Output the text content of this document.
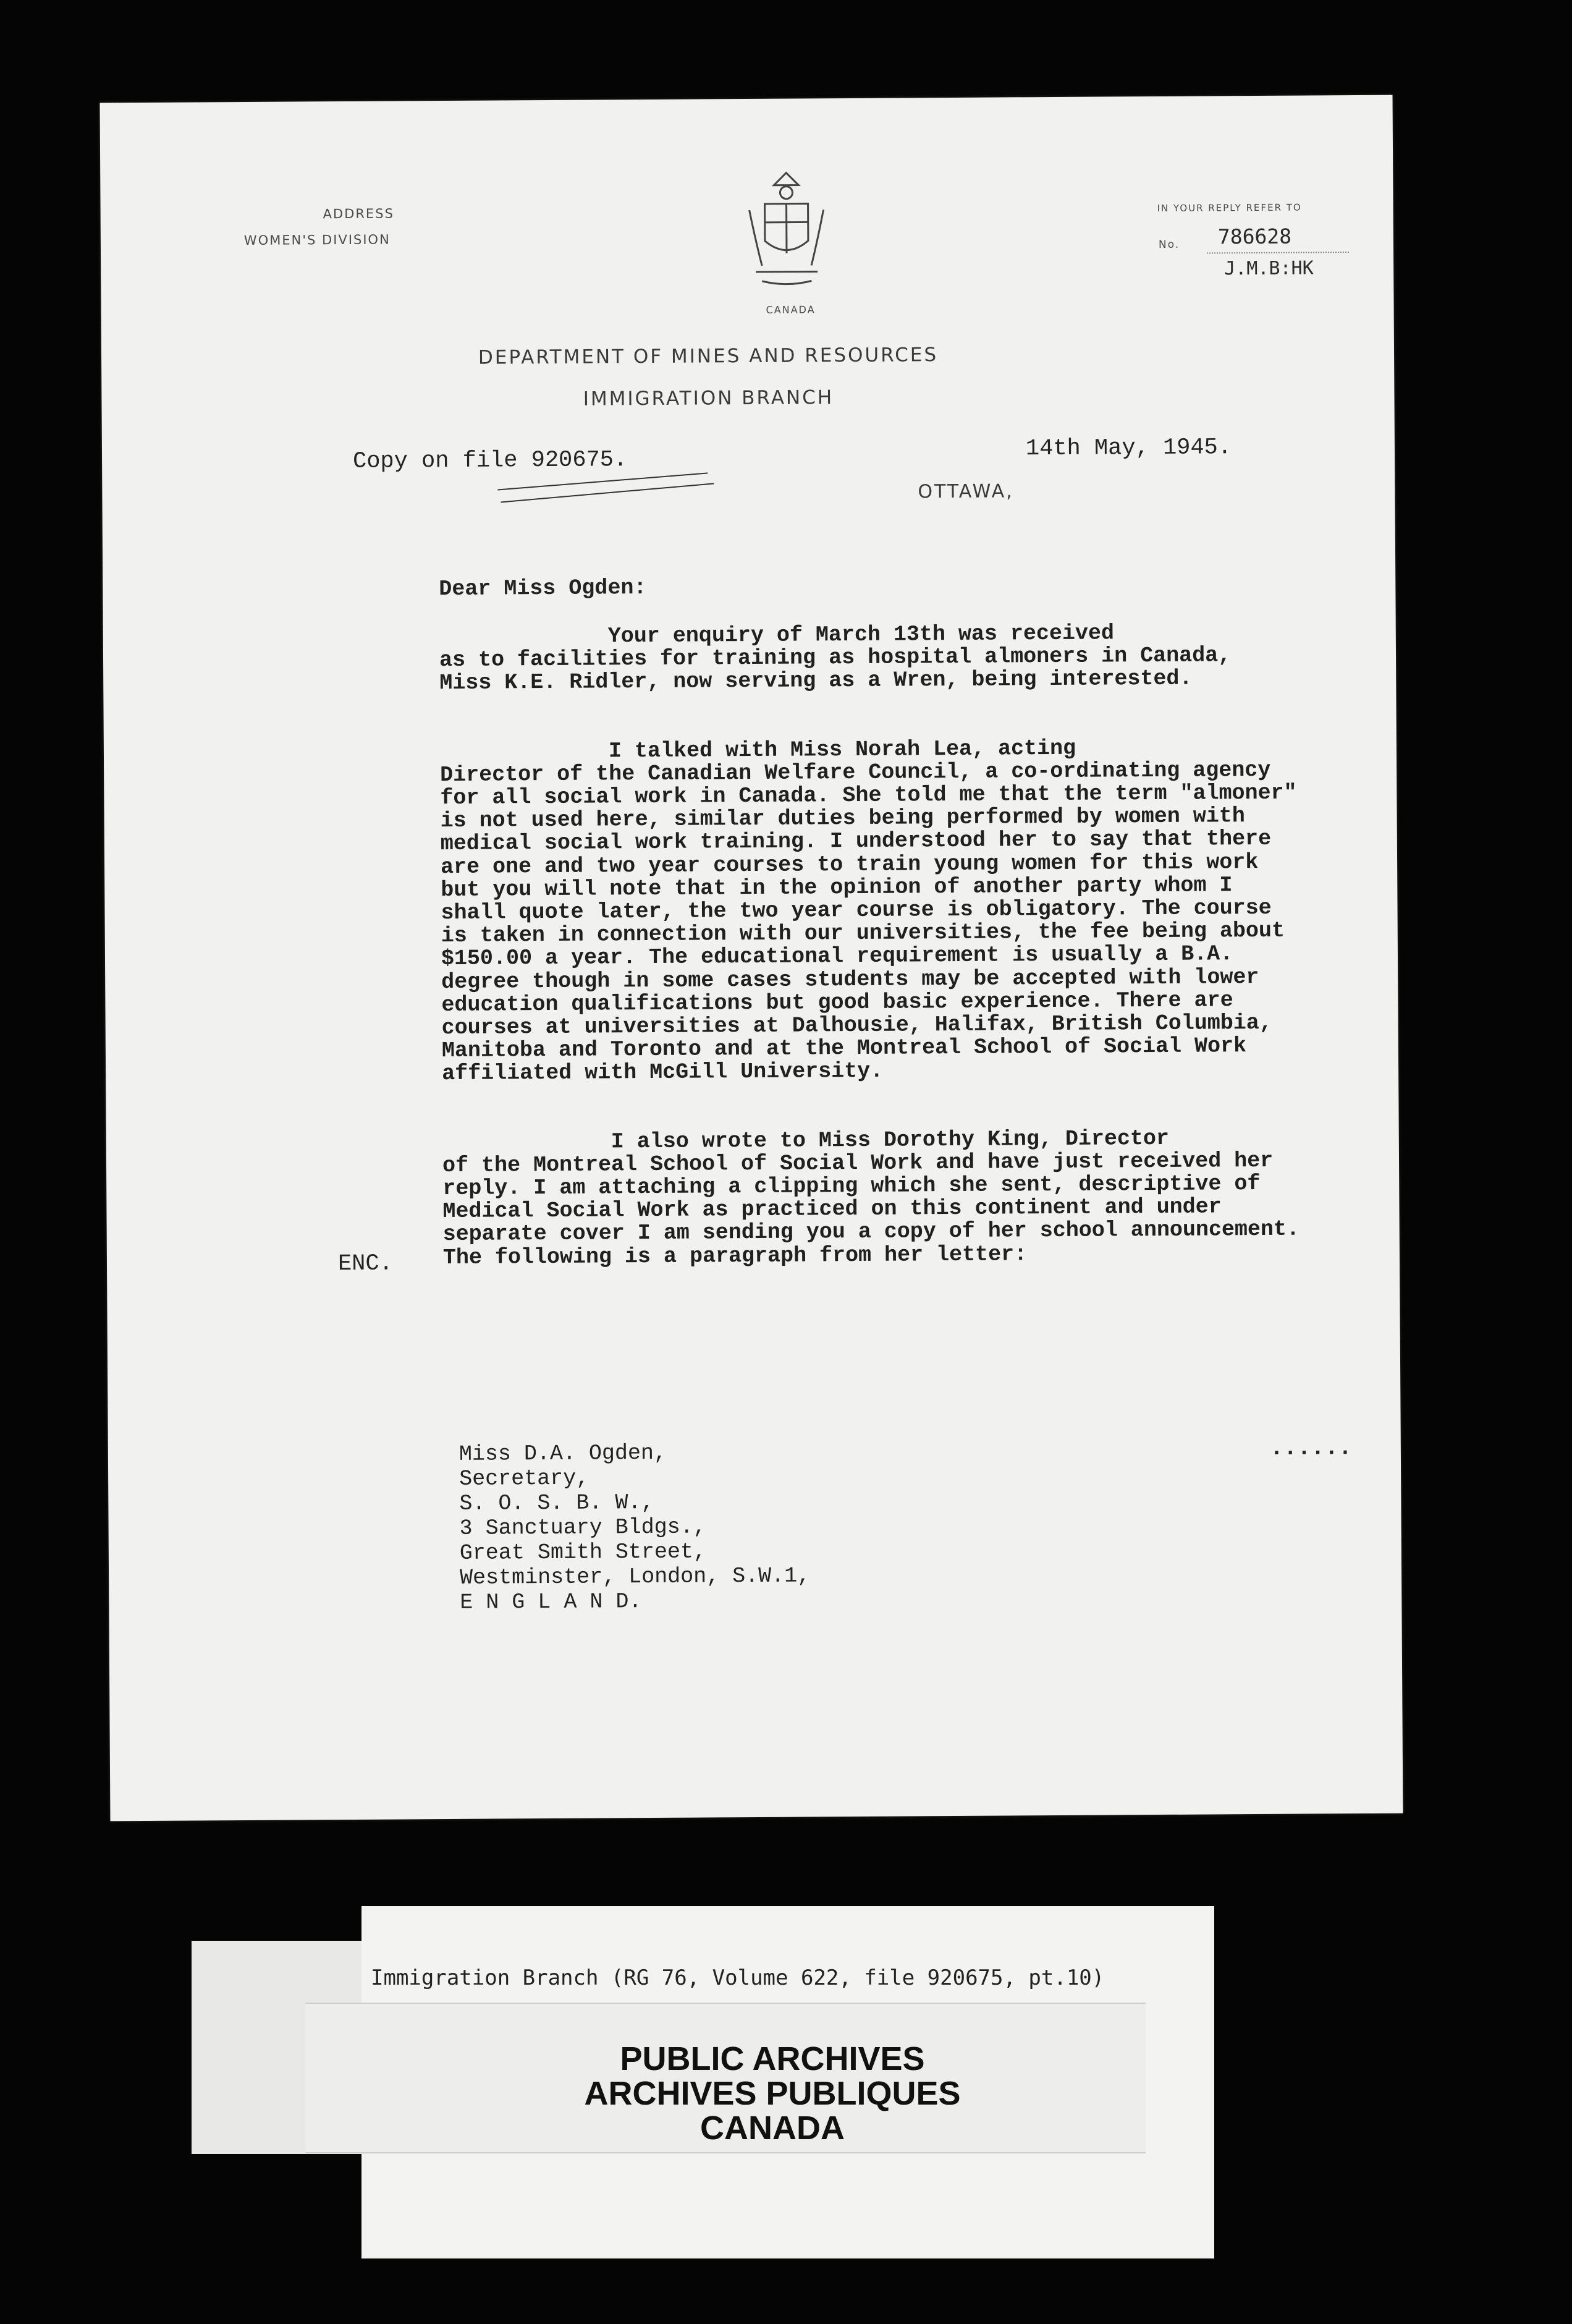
ADDRESS
WOMEN'S DIVISION
IN YOUR REPLY REFER TO
No. 786628
J.M.B:HK
CANADA
DEPARTMENT OF MINES AND RESOURCES
IMMIGRATION BRANCH
Copy on file 920675.	14th May, 1945.
OTTAWA,
Dear Miss Ogden:

Your enquiry of March 13th was received
as to facilities for training as hospital almoners in Canada,
Miss K.E. Ridler, now serving as a Wren, being interested.

I talked with Miss Norah Lea, acting
Director of the Canadian Welfare Council, a co-ordinating agency
for all social work in Canada. She told me that the term "almoner"
is not used here, similar duties being performed by women with
medical social work training. I understood her to say that there
are one and two year courses to train young women for this work
but you will note that in the opinion of another party whom I
shall quote later, the two year course is obligatory. The course
is taken in connection with our universities, the fee being about
$150.00 a year. The educational requirement is usually a B.A.
degree though in some cases students may be accepted with lower
education qualifications but good basic experience. There are
courses at universities at Dalhousie, Halifax, British Columbia,
Manitoba and Toronto and at the Montreal School of Social Work
affiliated with McGill University.

I also wrote to Miss Dorothy King, Director
of the Montreal School of Social Work and have just received her
reply. I am attaching a clipping which she sent, descriptive of
Medical Social Work as practiced on this continent and under
separate cover I am sending you a copy of her school announcement.
The following is a paragraph from her letter:

ENC.
......
Miss D.A. Ogden,
Secretary,
S. O. S. B. W.,
3 Sanctuary Bldgs.,
Great Smith Street,
Westminster, London, S.W.1,
E N G L A N D.
Immigration Branch (RG 76, Volume 622, file 920675, pt.10)
PUBLIC ARCHIVES
ARCHIVES PUBLIQUES
CANADA
